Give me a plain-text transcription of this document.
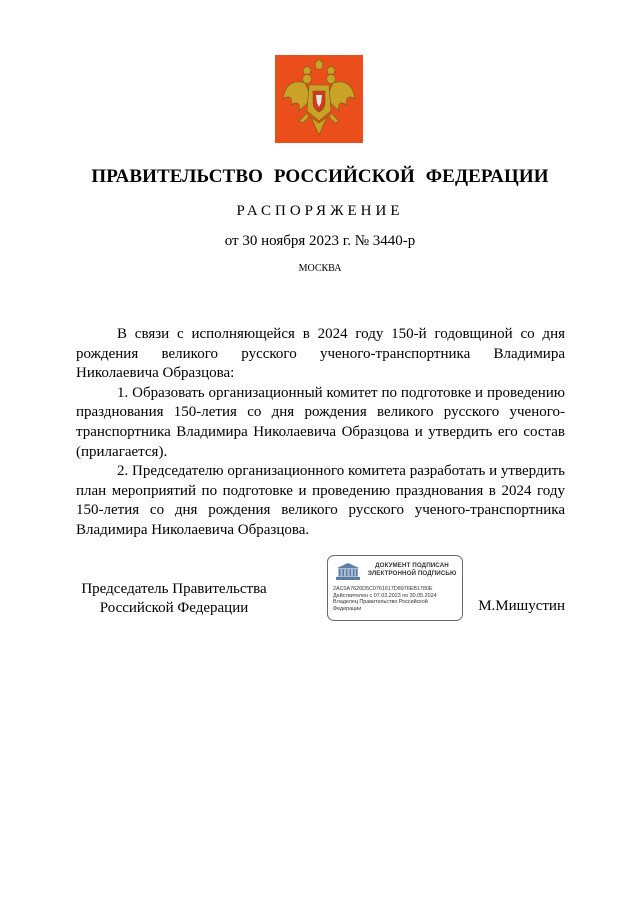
ПРАВИТЕЛЬСТВО РОССИЙСКОЙ ФЕДЕРАЦИИ
РАСПОРЯЖЕНИЕ
от 30 ноября 2023 г. № 3440-р
МОСКВА

В связи с исполняющейся в 2024 году 150-й годовщиной со дня рождения великого русского ученого-транспортника Владимира Николаевича Образцова:

1. Образовать организационный комитет по подготовке и проведению празднования 150-летия со дня рождения великого русского ученого-транспортника Владимира Николаевича Образцова и утвердить его состав (прилагается).

2. Председателю организационного комитета разработать и утвердить план мероприятий по подготовке и проведению празднования в 2024 году 150-летия со дня рождения великого русского ученого-транспортника Владимира Николаевича Образцова.

Председатель Правительства
Российской Федерации
ДОКУМЕНТ ПОДПИСАН
ЭЛЕКТРОННОЙ ПОДПИСЬЮ
2AC0A7626D5C0761617D8976EB1780E
Действителен с 07.03.2023 по 30.05.2024
Владелец Правительство Российской
Федерации	М.Мишустин
